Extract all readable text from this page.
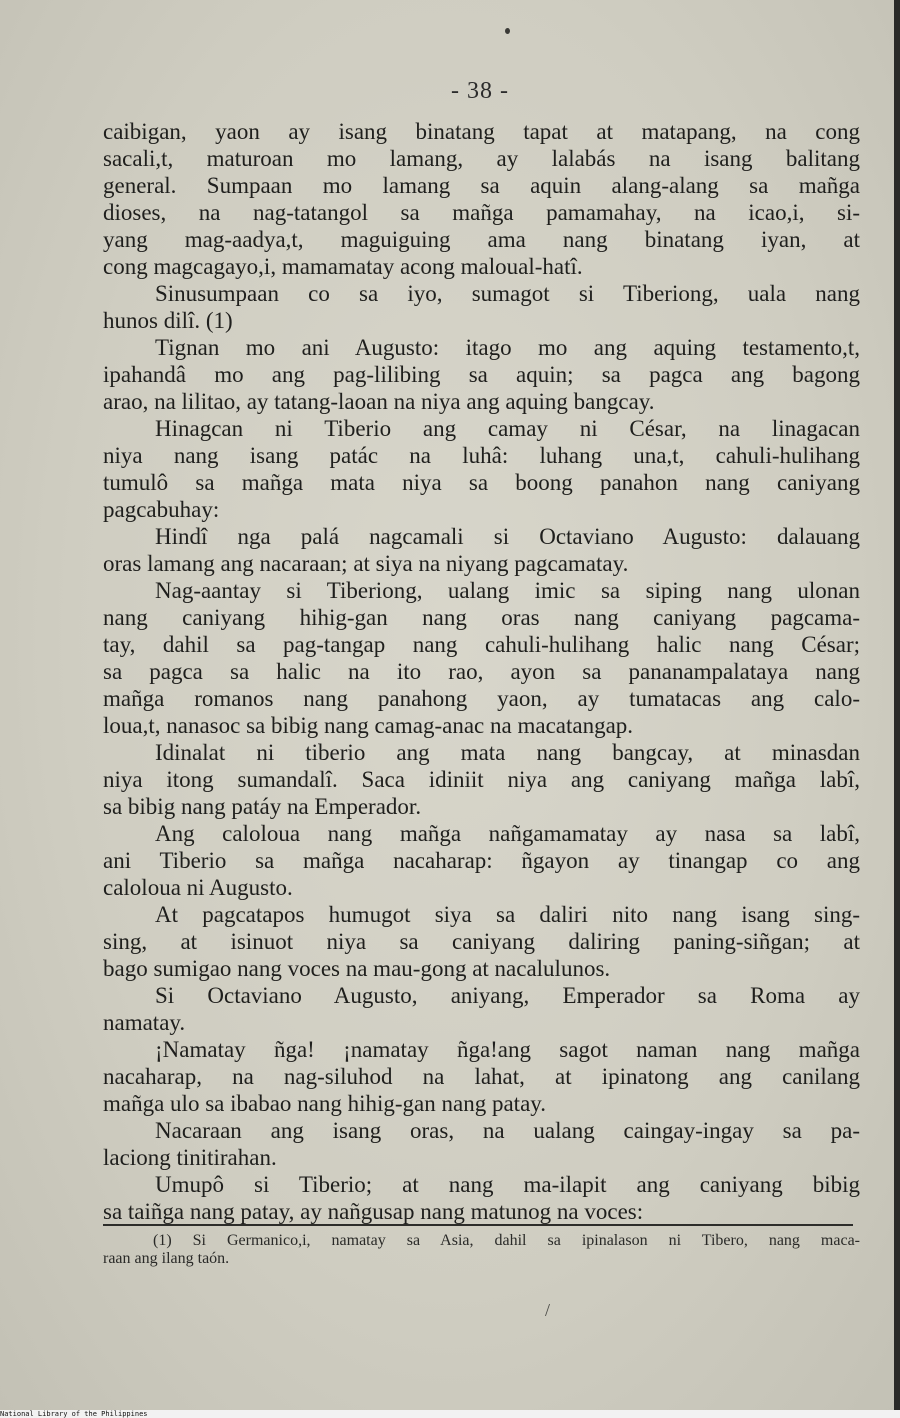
- 38 -
caibigan, yaon ay isang binatang tapat at matapang, na cong
sacali,t, maturoan mo lamang, ay lalabás na isang balitang
general. Sumpaan mo lamang sa aquin alang-alang sa mañga
dioses, na nag-tatangol sa mañga pamamahay, na icao,i, si-
yang mag-aadya,t, maguiguing ama nang binatang iyan, at
cong magcagayo,i, mamamatay acong maloual-hatî.
Sinusumpaan co sa iyo, sumagot si Tiberiong, uala nang
hunos dilî. (1)
Tignan mo ani Augusto: itago mo ang aquing testamento,t,
ipahandâ mo ang pag-lilibing sa aquin; sa pagca ang bagong
arao, na lilitao, ay tatang-laoan na niya ang aquing bangcay.
Hinagcan ni Tiberio ang camay ni César, na linagacan
niya nang isang patác na luhâ: luhang una,t, cahuli-hulihang
tumulô sa mañga mata niya sa boong panahon nang caniyang
pagcabuhay:
Hindî nga palá nagcamali si Octaviano Augusto: dalauang
oras lamang ang nacaraan; at siya na niyang pagcamatay.
Nag-aantay si Tiberiong, ualang imic sa siping nang ulonan
nang caniyang hihig-gan nang oras nang caniyang pagcama-
tay, dahil sa pag-tangap nang cahuli-hulihang halic nang César;
sa pagca sa halic na ito rao, ayon sa pananampalataya nang
mañga romanos nang panahong yaon, ay tumatacas ang calo-
loua,t, nanasoc sa bibig nang camag-anac na macatangap.
Idinalat ni tiberio ang mata nang bangcay, at minasdan
niya itong sumandalî. Saca idiniit niya ang caniyang mañga labî,
sa bibig nang patáy na Emperador.
Ang caloloua nang mañga nañgamamatay ay nasa sa labî,
ani Tiberio sa mañga nacaharap: ñgayon ay tinangap co ang
caloloua ni Augusto.
At pagcatapos humugot siya sa daliri nito nang isang sing-
sing, at isinuot niya sa caniyang daliring paning-siñgan; at
bago sumigao nang voces na mau-gong at nacalulunos.
Si Octaviano Augusto, aniyang, Emperador sa Roma ay
namatay.
¡Namatay ñga! ¡namatay ñga!ang sagot naman nang mañga
nacaharap, na nag-siluhod na lahat, at ipinatong ang canilang
mañga ulo sa ibabao nang hihig-gan nang patay.
Nacaraan ang isang oras, na ualang caingay-ingay sa pa-
laciong tinitirahan.
Umupô si Tiberio; at nang ma-ilapit ang caniyang bibig
sa taiñga nang patay, ay nañgusap nang matunog na voces:
(1) Si Germanico,i, namatay sa Asia, dahil sa ipinalason ni Tibero, nang maca-
raan ang ilang taón.
/
National Library of the Philippines
